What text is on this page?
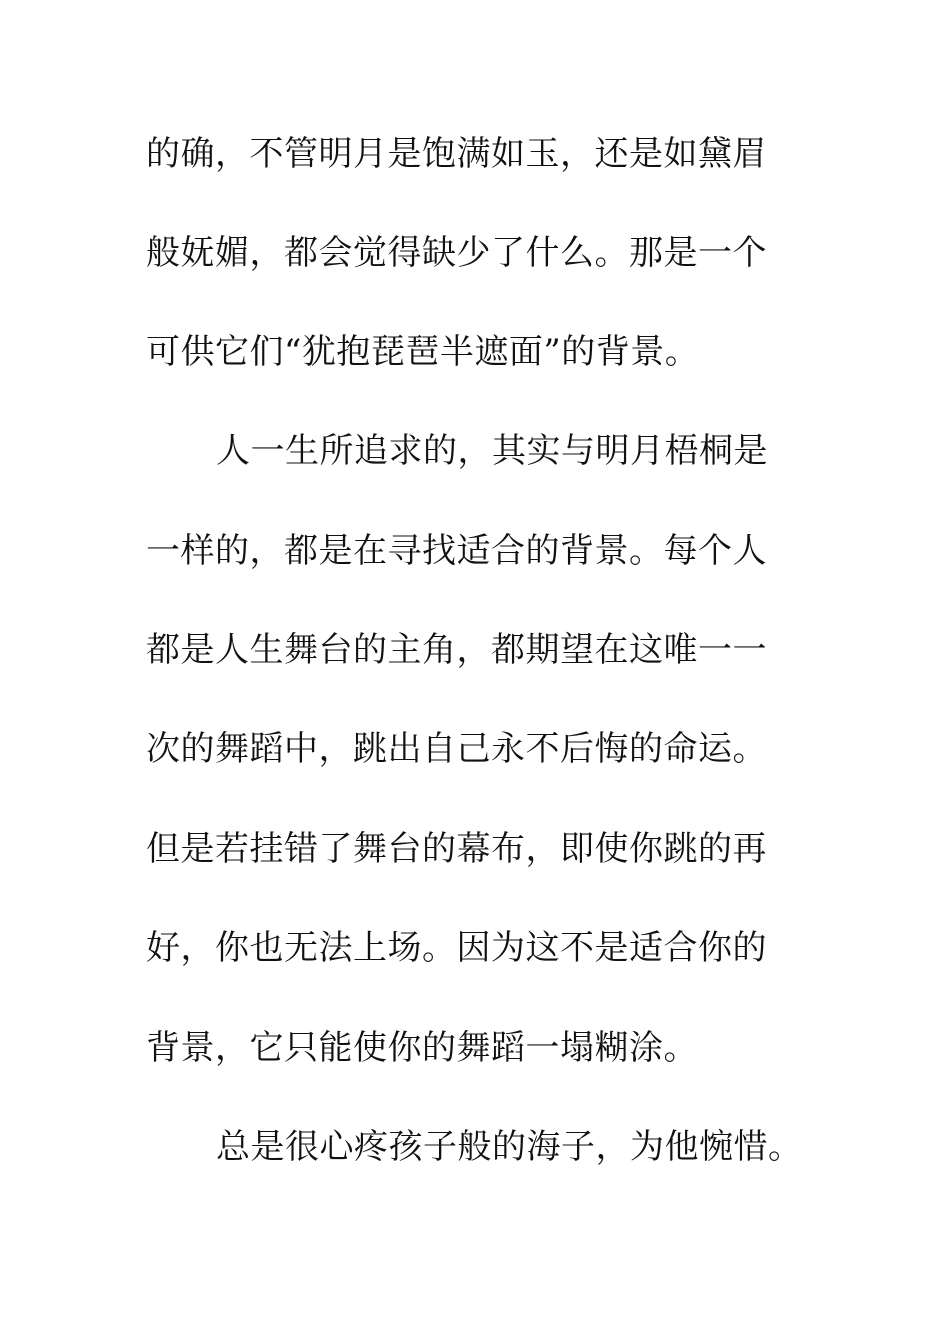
的确，不管明月是饱满如玉，还是如黛眉
般妩媚，都会觉得缺少了什么。那是一个
可供它们“犹抱琵琶半遮面”的背景。
人一生所追求的，其实与明月梧桐是
一样的，都是在寻找适合的背景。每个人
都是人生舞台的主角，都期望在这唯一一
次的舞蹈中，跳出自己永不后悔的命运。
但是若挂错了舞台的幕布，即使你跳的再
好，你也无法上场。因为这不是适合你的
背景，它只能使你的舞蹈一塌糊涂。
总是很心疼孩子般的海子，为他惋惜。
